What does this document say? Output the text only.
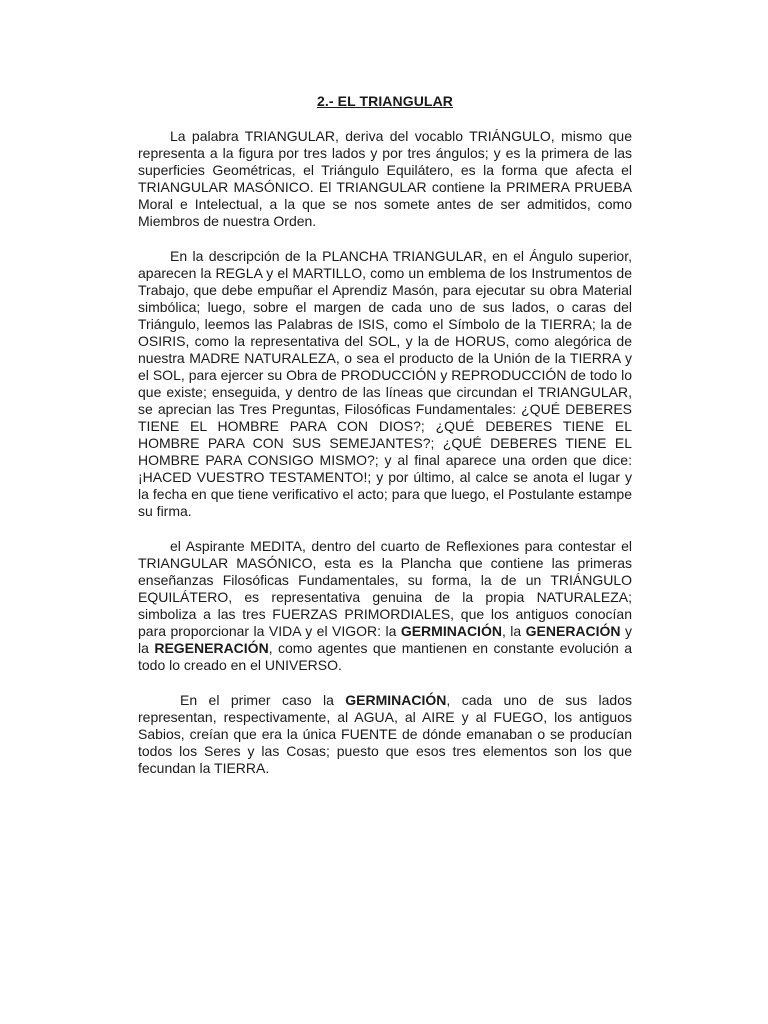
2.- EL TRIANGULAR

La palabra TRIANGULAR, deriva del vocablo TRIÁNGULO, mismo que representa a la figura por tres lados y por tres ángulos; y es la primera de las superficies Geométricas, el Triángulo Equilátero, es la forma que afecta el TRIANGULAR MASÓNICO. El TRIANGULAR contiene la PRIMERA PRUEBA Moral e Intelectual, a la que se nos somete antes de ser admitidos, como Miembros de nuestra Orden.

En la descripción de la PLANCHA TRIANGULAR, en el Ángulo superior, aparecen la REGLA y el MARTILLO, como un emblema de los Instrumentos de Trabajo, que debe empuñar el Aprendiz Masón, para ejecutar su obra Material simbólica; luego, sobre el margen de cada uno de sus lados, o caras del Triángulo, leemos las Palabras de ISIS, como el Símbolo de la TIERRA; la de OSIRIS, como la representativa del SOL, y la de HORUS, como alegórica de nuestra MADRE NATURALEZA, o sea el producto de la Unión de la TIERRA y el SOL, para ejercer su Obra de PRODUCCIÓN y REPRODUCCIÓN de todo lo que existe; enseguida, y dentro de las líneas que circundan el TRIANGULAR, se aprecian las Tres Preguntas, Filosóficas Fundamentales: ¿QUÉ DEBERES TIENE EL HOMBRE PARA CON DIOS?; ¿QUÉ DEBERES TIENE EL HOMBRE PARA CON SUS SEMEJANTES?; ¿QUÉ DEBERES TIENE EL HOMBRE PARA CONSIGO MISMO?; y al final aparece una orden que dice: ¡HACED VUESTRO TESTAMENTO!; y por último, al calce se anota el lugar y la fecha en que tiene verificativo el acto; para que luego, el Postulante estampe su firma.

el Aspirante MEDITA, dentro del cuarto de Reflexiones para contestar el TRIANGULAR MASÓNICO, esta es la Plancha que contiene las primeras enseñanzas Filosóficas Fundamentales, su forma, la de un TRIÁNGULO EQUILÁTERO, es representativa genuina de la propia NATURALEZA; simboliza a las tres FUERZAS PRIMORDIALES, que los antiguos conocían para proporcionar la VIDA y el VIGOR: la GERMINACIÓN, la GENERACIÓN y la REGENERACIÓN, como agentes que mantienen en constante evolución a todo lo creado en el UNIVERSO.

En el primer caso la GERMINACIÓN, cada uno de sus lados representan, respectivamente, al AGUA, al AIRE y al FUEGO, los antiguos Sabios, creían que era la única FUENTE de dónde emanaban o se producían todos los Seres y las Cosas; puesto que esos tres elementos son los que fecundan la TIERRA.
